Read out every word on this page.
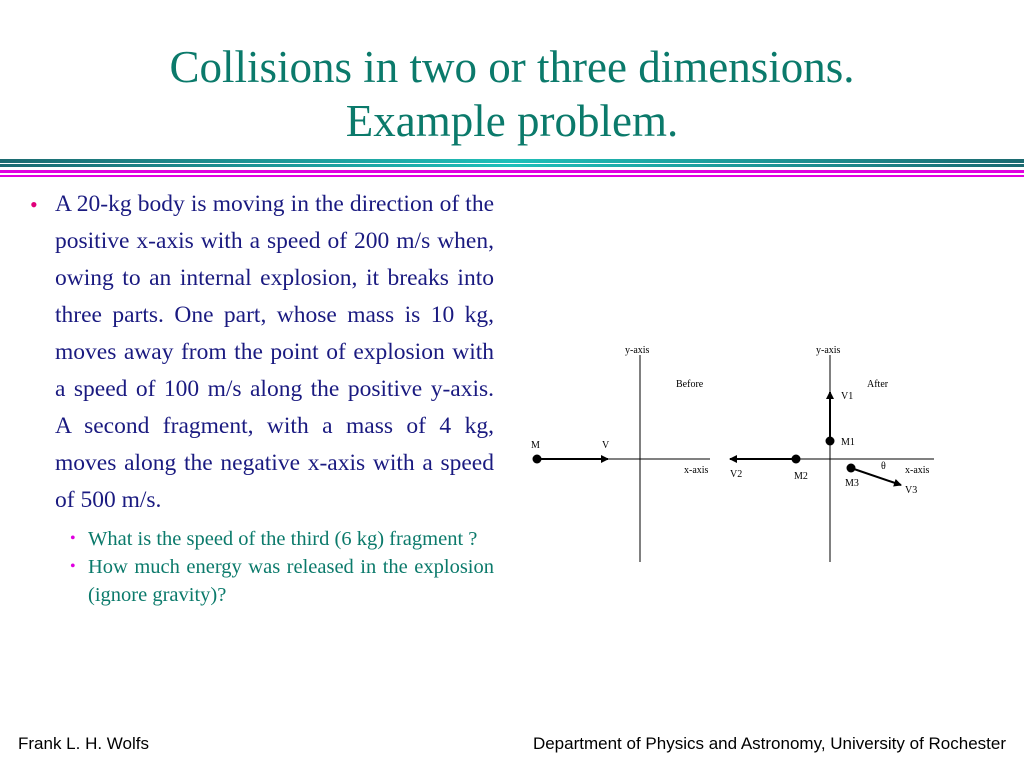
Collisions in two or three dimensions.
Example problem.
• A 20-kg body is moving in the direction of the positive x-axis with a speed of 200 m/s when, owing to an internal explosion, it breaks into three parts. One part, whose mass is 10 kg, moves away from the point of explosion with a speed of 100 m/s along the positive y-axis. A second fragment, with a mass of 4 kg, moves along the negative x-axis with a speed of 500 m/s.
• What is the speed of the third (6 kg) fragment ?
• How much energy was released in the explosion (ignore gravity)?
y-axis
x-axis
Before
M	V
y-axis
x-axis
After
M1
V1
M2
V2
M3
V3
θ
Frank L. H. Wolfs	Department of Physics and Astronomy, University of Rochester
